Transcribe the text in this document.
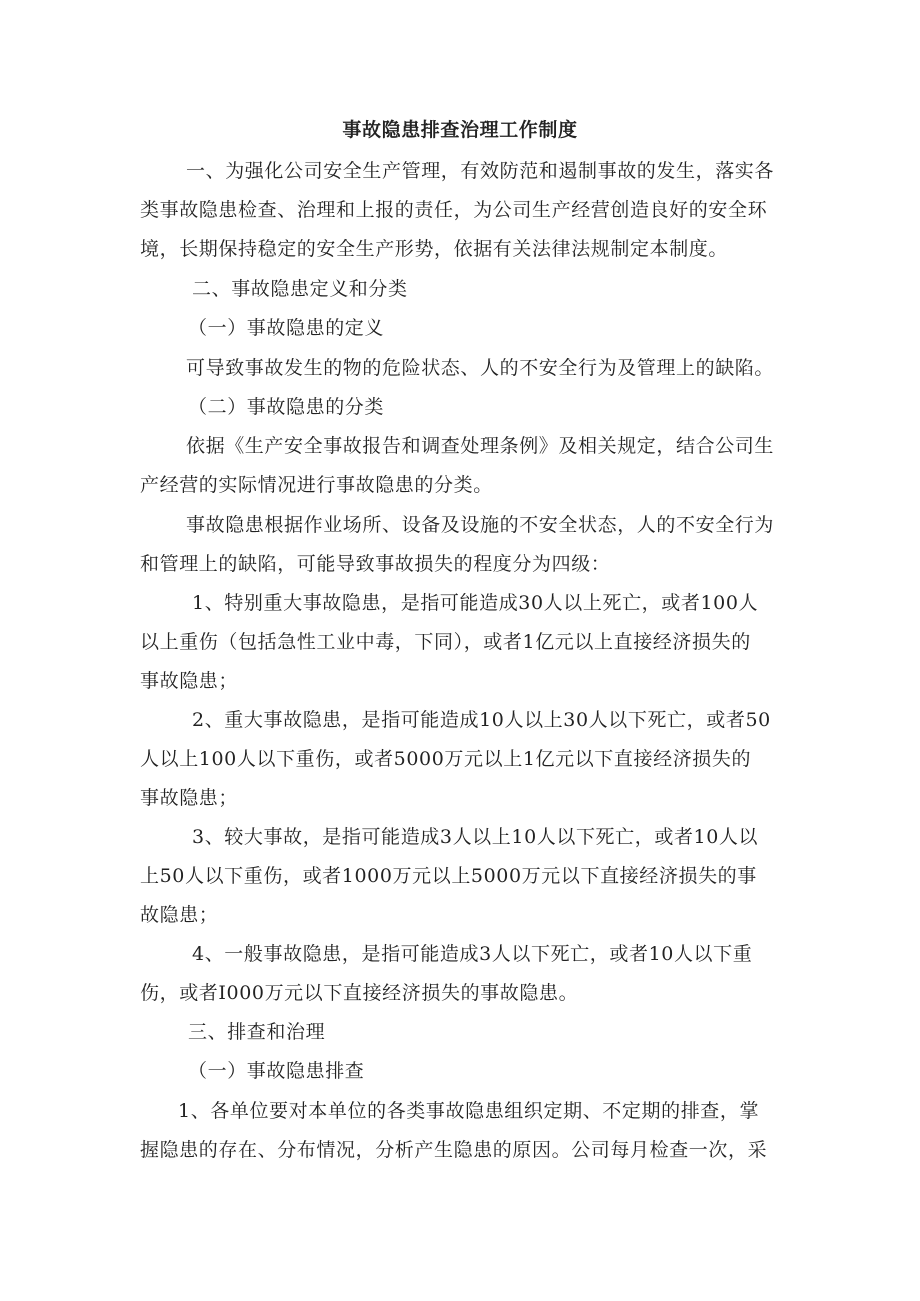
事故隐患排查治理工作制度

一、为强化公司安全生产管理，有效防范和遏制事故的发生，落实各

类事故隐患检查、治理和上报的责任，为公司生产经营创造良好的安全环

境，长期保持稳定的安全生产形势，依据有关法律法规制定本制度。

二、事故隐患定义和分类

（一）事故隐患的定义

可导致事故发生的物的危险状态、人的不安全行为及管理上的缺陷。

（二）事故隐患的分类

依据《生产安全事故报告和调查处理条例》及相关规定，结合公司生

产经营的实际情况进行事故隐患的分类。

事故隐患根据作业场所、设备及设施的不安全状态，人的不安全行为

和管理上的缺陷，可能导致事故损失的程度分为四级：

1、特别重大事故隐患，是指可能造成30人以上死亡，或者100人

以上重伤（包括急性工业中毒，下同），或者1亿元以上直接经济损失的

事故隐患；

2、重大事故隐患，是指可能造成10人以上30人以下死亡，或者50

人以上100人以下重伤，或者5000万元以上1亿元以下直接经济损失的

事故隐患；

3、较大事故，是指可能造成3人以上10人以下死亡，或者10人以

上50人以下重伤，或者1000万元以上5000万元以下直接经济损失的事

故隐患；

4、一般事故隐患，是指可能造成3人以下死亡，或者10人以下重

伤，或者I000万元以下直接经济损失的事故隐患。

三、排查和治理

（一）事故隐患排查

1、各单位要对本单位的各类事故隐患组织定期、不定期的排查，掌

握隐患的存在、分布情况，分析产生隐患的原因。公司每月检查一次，采
